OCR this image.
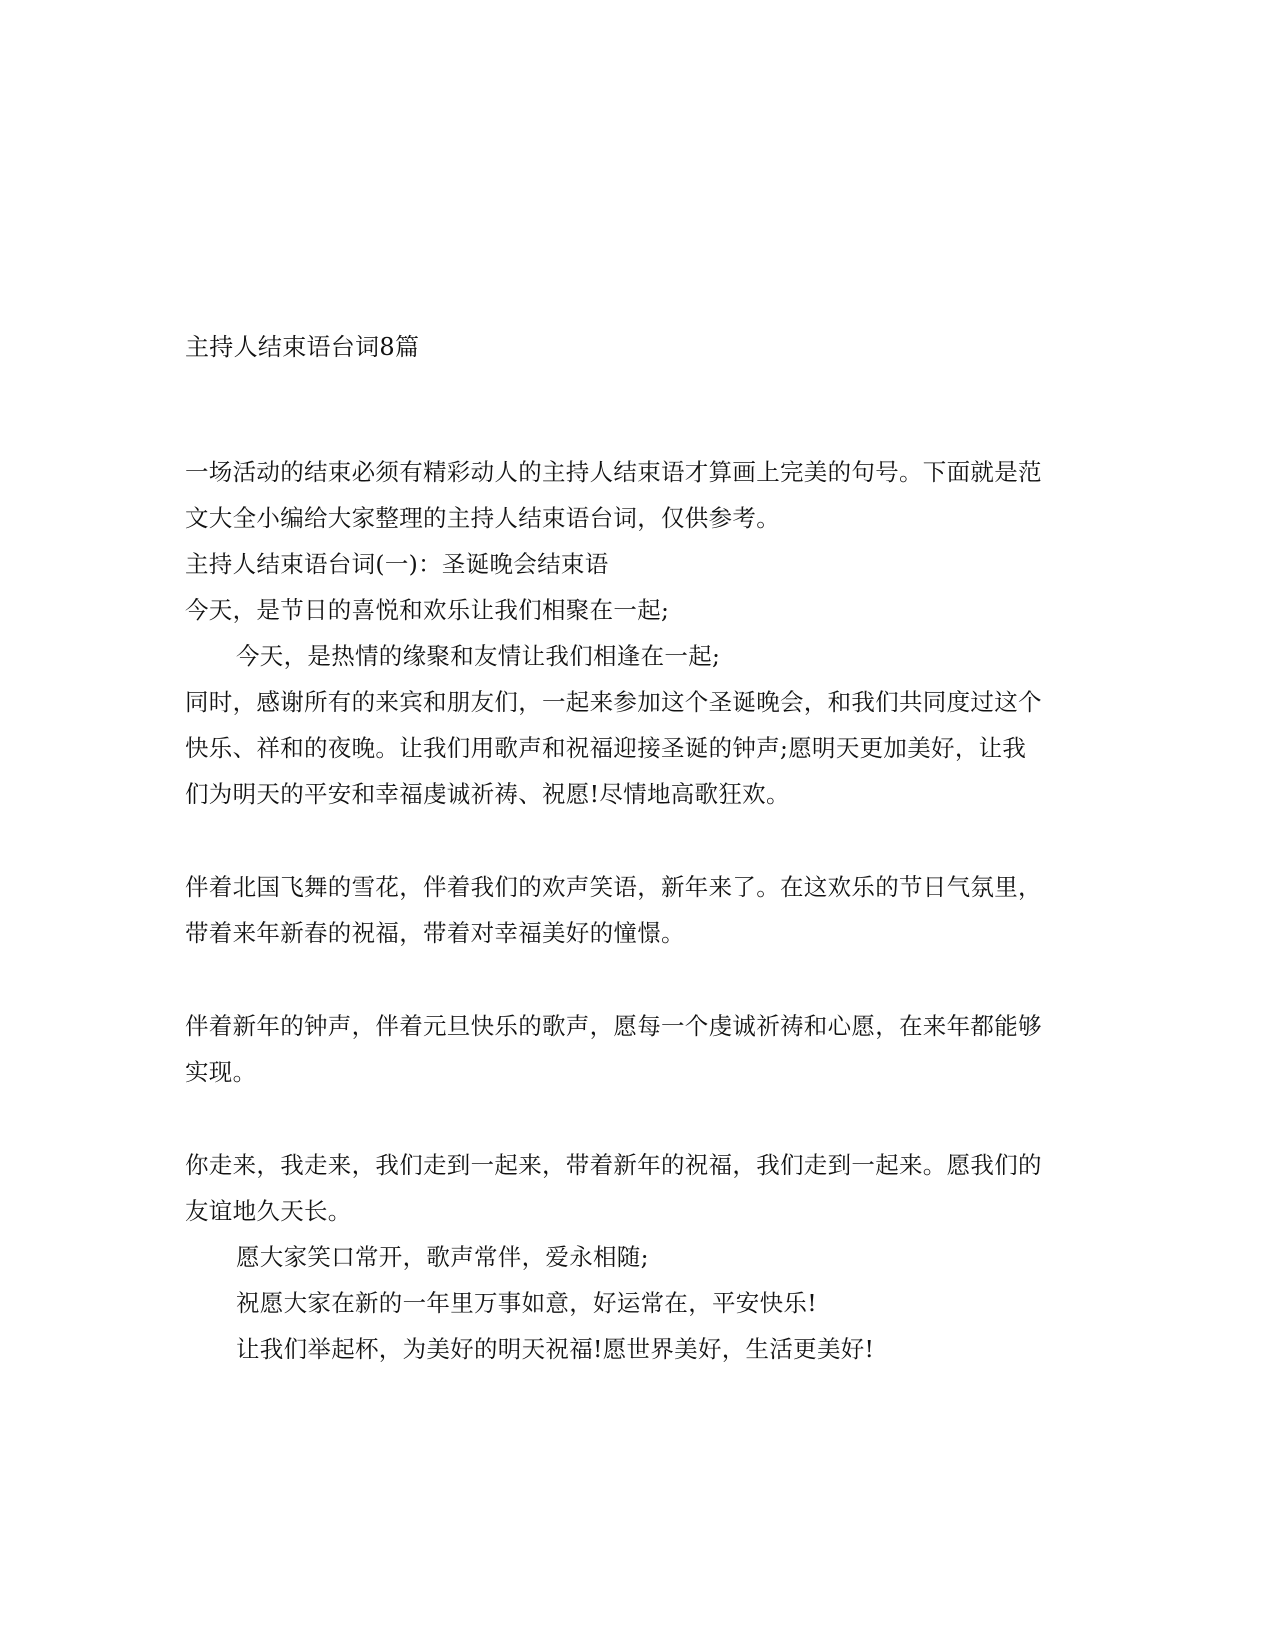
主持人结束语台词8篇
一场活动的结束必须有精彩动人的主持人结束语才算画上完美的句号。下面就是范
文大全小编给大家整理的主持人结束语台词，仅供参考。
主持人结束语台词(一)：圣诞晚会结束语
今天，是节日的喜悦和欢乐让我们相聚在一起;
今天，是热情的缘聚和友情让我们相逢在一起;
同时，感谢所有的来宾和朋友们，一起来参加这个圣诞晚会，和我们共同度过这个
快乐、祥和的夜晚。让我们用歌声和祝福迎接圣诞的钟声;愿明天更加美好，让我
们为明天的平安和幸福虔诚祈祷、祝愿!尽情地高歌狂欢。
伴着北国飞舞的雪花，伴着我们的欢声笑语，新年来了。在这欢乐的节日气氛里，
带着来年新春的祝福，带着对幸福美好的憧憬。
伴着新年的钟声，伴着元旦快乐的歌声，愿每一个虔诚祈祷和心愿，在来年都能够
实现。
你走来，我走来，我们走到一起来，带着新年的祝福，我们走到一起来。愿我们的
友谊地久天长。
愿大家笑口常开，歌声常伴，爱永相随;
祝愿大家在新的一年里万事如意，好运常在，平安快乐!
让我们举起杯，为美好的明天祝福!愿世界美好，生活更美好!
